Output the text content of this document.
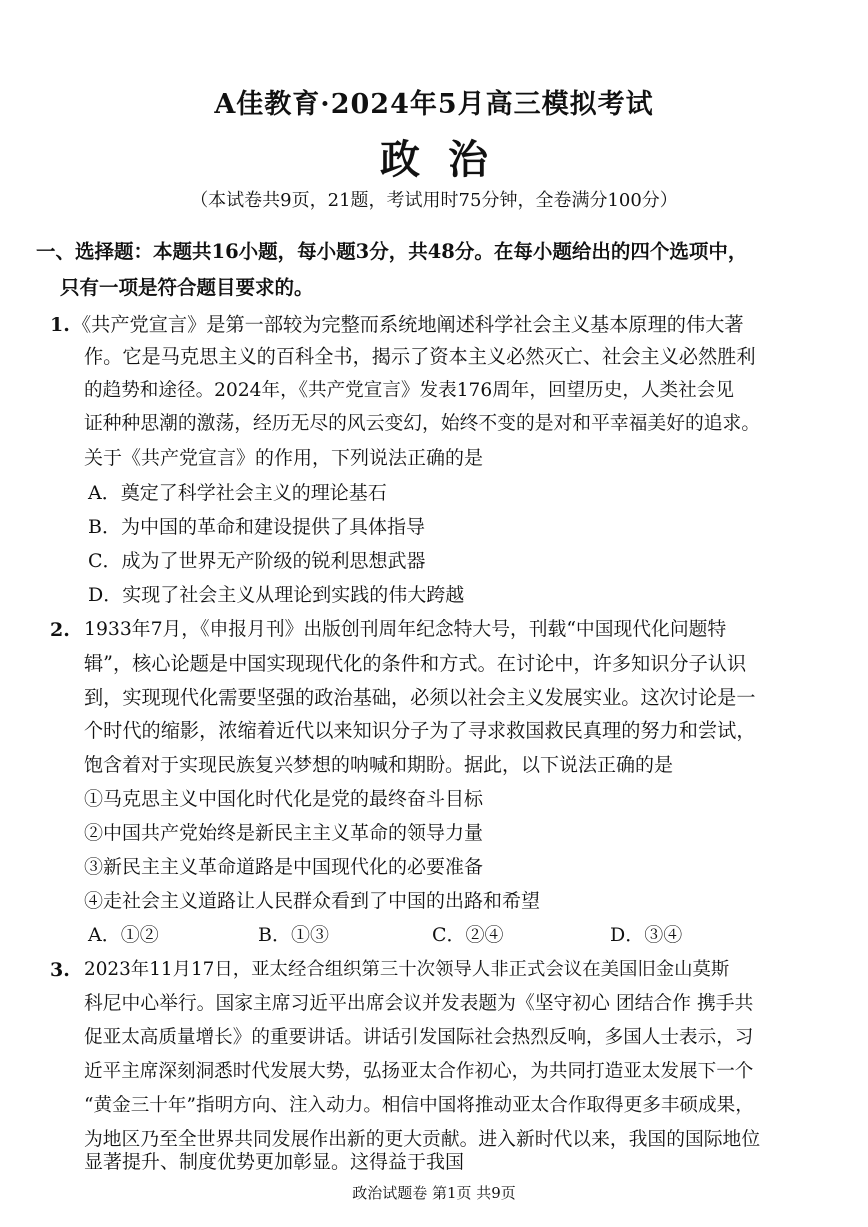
A佳教育·2024年5月高三模拟考试
政治
（本试卷共9页，21题，考试用时75分钟，全卷满分100分）
一、选择题：本题共16小题，每小题3分，共48分。在每小题给出的四个选项中，
只有一项是符合题目要求的。
1. 《共产党宣言》是第一部较为完整而系统地阐述科学社会主义基本原理的伟大著
作。它是马克思主义的百科全书，揭示了资本主义必然灭亡、社会主义必然胜利
的趋势和途径。2024年，《共产党宣言》发表176周年，回望历史，人类社会见
证种种思潮的激荡，经历无尽的风云变幻，始终不变的是对和平幸福美好的追求。
关于《共产党宣言》的作用，下列说法正确的是
A．奠定了科学社会主义的理论基石
B．为中国的革命和建设提供了具体指导
C．成为了世界无产阶级的锐利思想武器
D．实现了社会主义从理论到实践的伟大跨越
2. 1933年7月，《申报月刊》出版创刊周年纪念特大号，刊载“中国现代化问题特
辑”，核心论题是中国实现现代化的条件和方式。在讨论中，许多知识分子认识
到，实现现代化需要坚强的政治基础，必须以社会主义发展实业。这次讨论是一
个时代的缩影，浓缩着近代以来知识分子为了寻求救国救民真理的努力和尝试，
饱含着对于实现民族复兴梦想的呐喊和期盼。据此，以下说法正确的是
①马克思主义中国化时代化是党的最终奋斗目标
②中国共产党始终是新民主主义革命的领导力量
③新民主主义革命道路是中国现代化的必要准备
④走社会主义道路让人民群众看到了中国的出路和希望
A．①②	B．①③	C．②④	D．③④
3. 2023年11月17日，亚太经合组织第三十次领导人非正式会议在美国旧金山莫斯
科尼中心举行。国家主席习近平出席会议并发表题为《坚守初心 团结合作 携手共
促亚太高质量增长》的重要讲话。讲话引发国际社会热烈反响，多国人士表示，习
近平主席深刻洞悉时代发展大势，弘扬亚太合作初心，为共同打造亚太发展下一个
“黄金三十年”指明方向、注入动力。相信中国将推动亚太合作取得更多丰硕成果，
为地区乃至全世界共同发展作出新的更大贡献。进入新时代以来，我国的国际地位
显著提升、制度优势更加彰显。这得益于我国
政治试题卷 第1页 共9页
